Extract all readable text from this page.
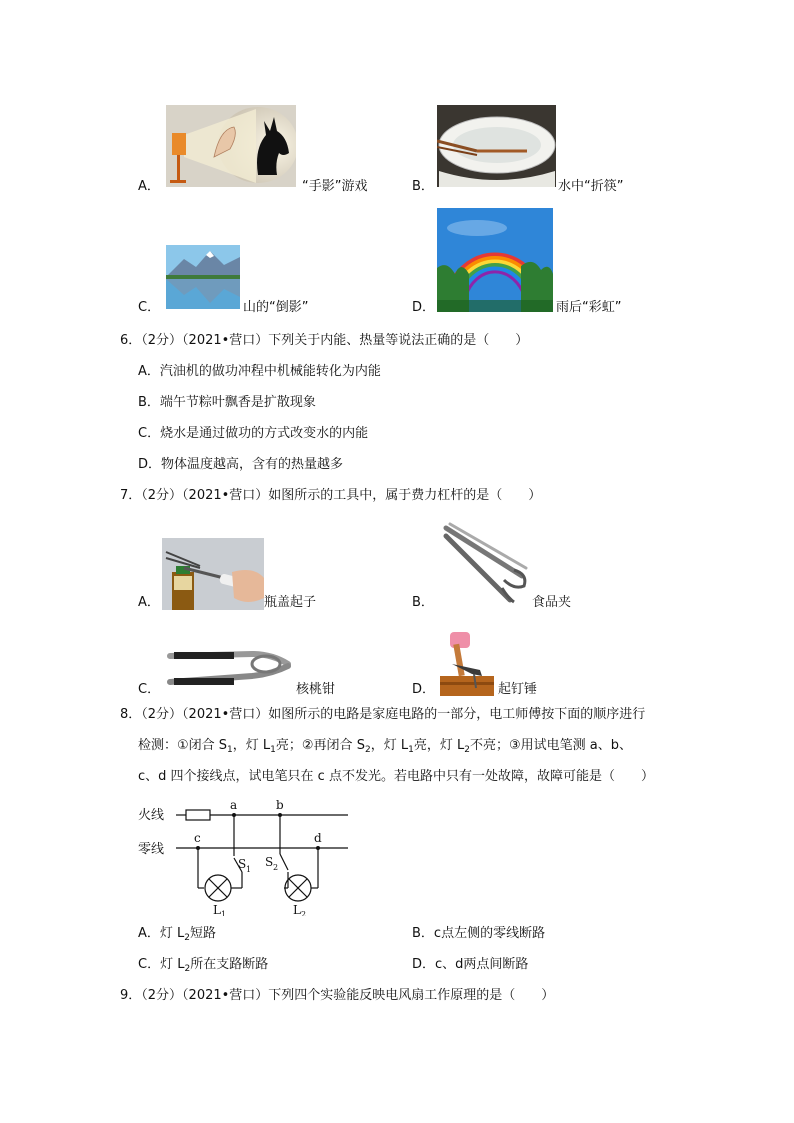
A．	“手影”游戏	B．	水中“折筷”
C．	山的“倒影”	D．	雨后“彩虹”
6．（2分）（2021•营口）下列关于内能、热量等说法正确的是（　　）
A．汽油机的做功冲程中机械能转化为内能
B．端午节粽叶飘香是扩散现象
C．烧水是通过做功的方式改变水的内能
D．物体温度越高，含有的热量越多
7．（2分）（2021•营口）如图所示的工具中，属于费力杠杆的是（　　）
A．	瓶盖起子	B．	食品夹
C．	核桃钳	D．	起钉锤
8．（2分）（2021•营口）如图所示的电路是家庭电路的一部分，电工师傅按下面的顺序进行
检测：①闭合 $S_1$，灯 $L_1$亮；②再闭合 $S_2$，灯 $L_1$亮，灯 $L_2$不亮；③用试电笔测 a、b、
c、d 四个接线点，试电笔只在 c 点不发光。若电路中只有一处故障，故障可能是（　　）
火线
零线
a	b
c	d
S 1
S 2
L 1	L 2
A．灯 $L_2$短路	B．c点左侧的零线断路
C．灯 $L_2$所在支路断路	D．c、d两点间断路
9．（2分）（2021•营口）下列四个实验能反映电风扇工作原理的是（　　）
